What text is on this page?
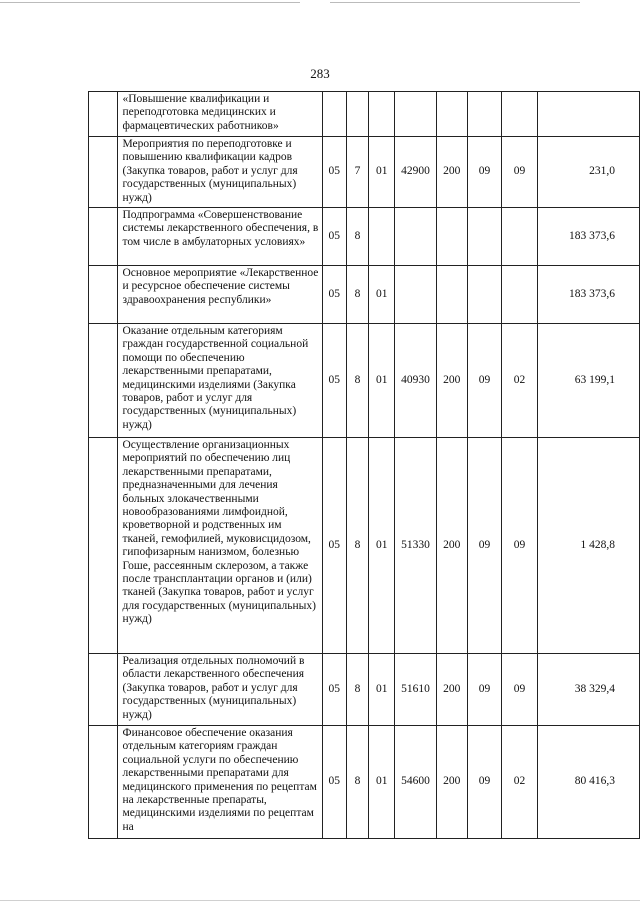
283
	«Повышение квалификации и переподготовка медицинских и фармацевтических работников»								
	Мероприятия по переподготовке и повышению квалификации кадров (Закупка товаров, работ и услуг для государственных (муниципальных) нужд)	05	7	01	42900	200	09	09	231,0
	Подпрограмма «Совершенствование системы лекарственного обеспечения, в том числе в амбулаторных условиях»	05	8						183 373,6
	Основное мероприятие «Лекарственное и ресурсное обеспечение системы здравоохранения республики»	05	8	01					183 373,6
	Оказание отдельным категориям граждан государственной социальной помощи по обеспечению лекарственными препаратами, медицинскими изделиями (Закупка товаров, работ и услуг для государственных (муниципальных) нужд)	05	8	01	40930	200	09	02	63 199,1
	Осуществление организационных мероприятий по обеспечению лиц лекарственными препаратами, предназначенными для лечения больных злокачественными новообразованиями лимфоидной, кроветворной и родственных им тканей, гемофилией, муковисцидозом, гипофизарным нанизмом, болезнью Гоше, рассеянным склерозом, а также после трансплантации органов и (или) тканей (Закупка товаров, работ и услуг для государственных (муниципальных) нужд)	05	8	01	51330	200	09	09	1 428,8
	Реализация отдельных полномочий в области лекарственного обеспечения (Закупка товаров, работ и услуг для государственных (муниципальных) нужд)	05	8	01	51610	200	09	09	38 329,4
	Финансовое обеспечение оказания отдельным категориям граждан социальной услуги по обеспечению лекарственными препаратами для медицинского применения по рецептам на лекарственные препараты, медицинскими изделиями по рецептам на	05	8	01	54600	200	09	02	80 416,3
